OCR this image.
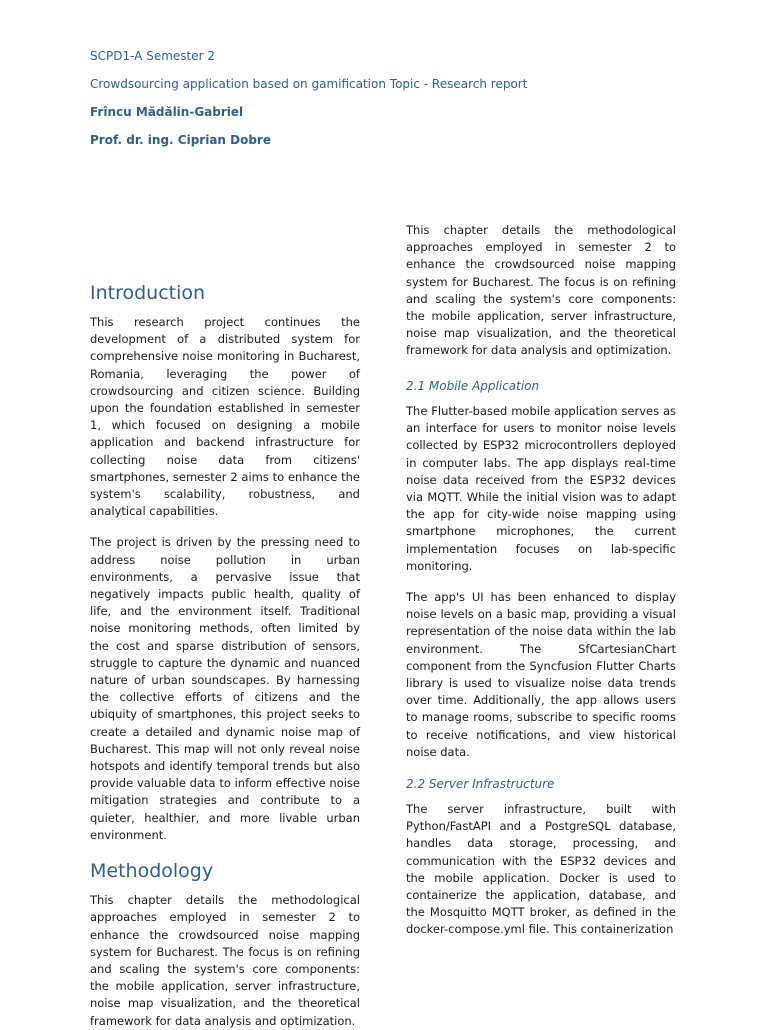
SCPD1-A Semester 2

Crowdsourcing application based on gamification Topic - Research report

Frîncu Mădălin-Gabriel

Prof. dr. ing. Ciprian Dobre

Introduction

This research project continues the development of a distributed system for comprehensive noise monitoring in Bucharest, Romania, leveraging the power of crowdsourcing and citizen science. Building upon the foundation established in semester 1, which focused on designing a mobile application and backend infrastructure for collecting noise data from citizens' smartphones, semester 2 aims to enhance the system's scalability, robustness, and analytical capabilities.

The project is driven by the pressing need to address noise pollution in urban environments, a pervasive issue that negatively impacts public health, quality of life, and the environment itself. Traditional noise monitoring methods, often limited by the cost and sparse distribution of sensors, struggle to capture the dynamic and nuanced nature of urban soundscapes. By harnessing the collective efforts of citizens and the ubiquity of smartphones, this project seeks to create a detailed and dynamic noise map of Bucharest. This map will not only reveal noise hotspots and identify temporal trends but also provide valuable data to inform effective noise mitigation strategies and contribute to a quieter, healthier, and more livable urban environment.

Methodology

This chapter details the methodological approaches employed in semester 2 to enhance the crowdsourced noise mapping system for Bucharest. The focus is on refining and scaling the system's core components: the mobile application, server infrastructure, noise map visualization, and the theoretical framework for data analysis and optimization.

This chapter details the methodological approaches employed in semester 2 to enhance the crowdsourced noise mapping system for Bucharest. The focus is on refining and scaling the system's core components: the mobile application, server infrastructure, noise map visualization, and the theoretical framework for data analysis and optimization.

2.1 Mobile Application

The Flutter-based mobile application serves as an interface for users to monitor noise levels collected by ESP32 microcontrollers deployed in computer labs. The app displays real-time noise data received from the ESP32 devices via MQTT. While the initial vision was to adapt the app for city-wide noise mapping using smartphone microphones, the current implementation focuses on lab-specific monitoring.

The app's UI has been enhanced to display noise levels on a basic map, providing a visual representation of the noise data within the lab environment. The SfCartesianChart component from the Syncfusion Flutter Charts library is used to visualize noise data trends over time. Additionally, the app allows users to manage rooms, subscribe to specific rooms to receive notifications, and view historical noise data.

2.2 Server Infrastructure

The server infrastructure, built with Python/FastAPI and a PostgreSQL database, handles data storage, processing, and communication with the ESP32 devices and the mobile application. Docker is used to containerize the application, database, and the Mosquitto MQTT broker, as defined in the docker-compose.yml file. This containerization
